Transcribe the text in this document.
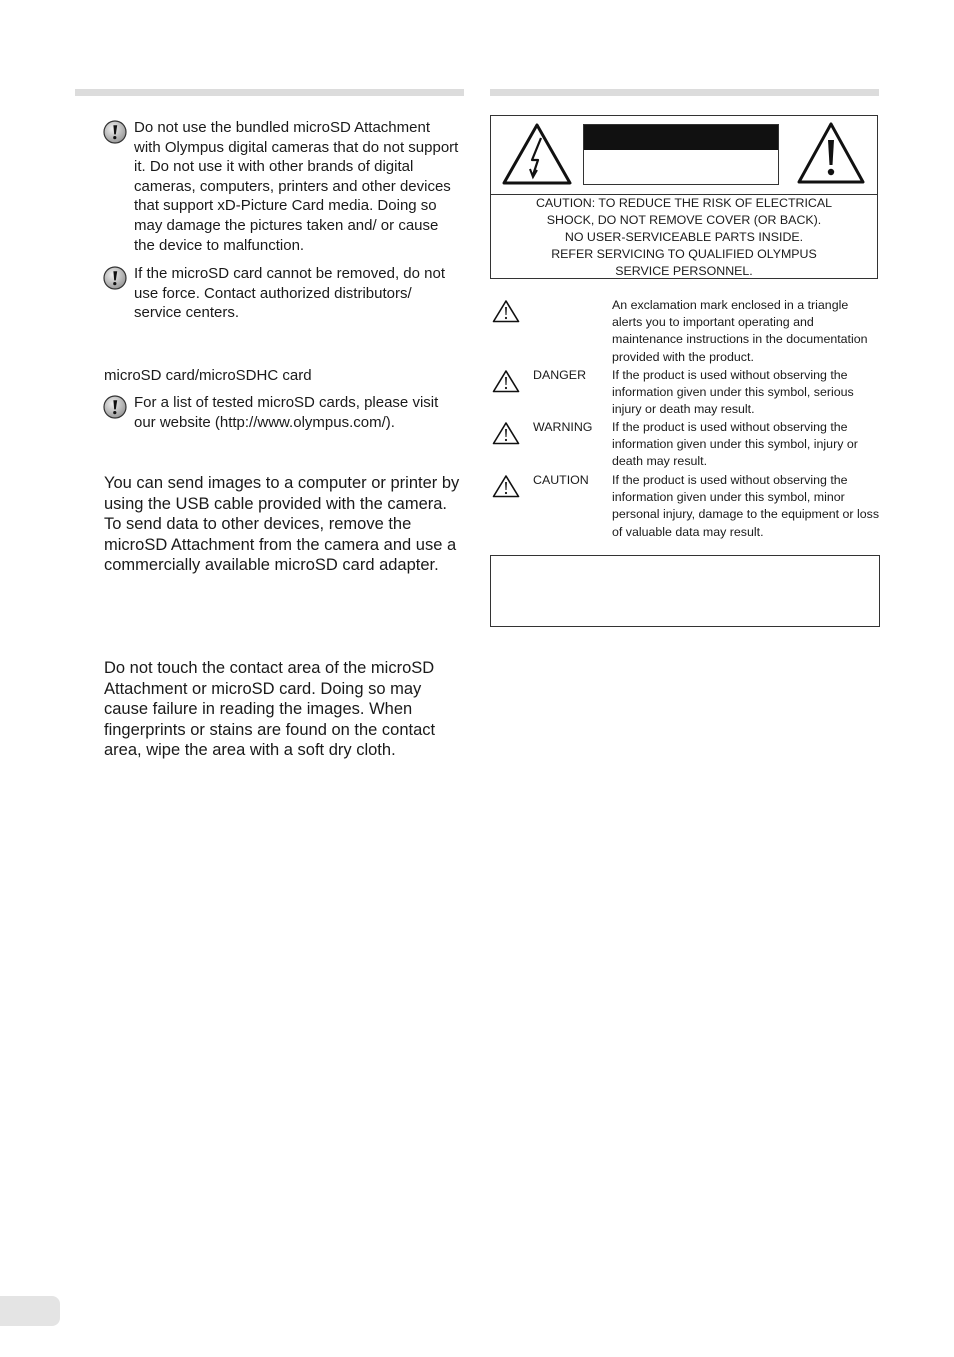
Do not use the bundled microSD Attachment with Olympus digital cameras that do not support it. Do not use it with other brands of digital cameras, computers, printers and other devices that support xD-Picture Card media. Doing so may damage the pictures taken and/ or cause the device to malfunction.
If the microSD card cannot be removed, do not use force. Contact authorized distributors/ service centers.
microSD card/microSDHC card
For a list of tested microSD cards, please visit our website (http://www.olympus.com/).

You can send images to a computer or printer by using the USB cable provided with the camera.

To send data to other devices, remove the microSD Attachment from the camera and use a commercially available microSD card adapter.

Do not touch the contact area of the microSD Attachment or microSD card. Doing so may cause failure in reading the images. When fingerprints or stains are found on the contact area, wipe the area with a soft dry cloth.

CAUTION: TO REDUCE THE RISK OF ELECTRICAL
SHOCK, DO NOT REMOVE COVER (OR BACK).
NO USER-SERVICEABLE PARTS INSIDE.
REFER SERVICING TO QUALIFIED OLYMPUS
SERVICE PERSONNEL.
An exclamation mark enclosed in a triangle alerts you to important operating and maintenance instructions in the documentation provided with the product.
DANGER If the product is used without observing the information given under this symbol, serious injury or death may result.
WARNING If the product is used without observing the information given under this symbol, injury or death may result.
CAUTION If the product is used without observing the information given under this symbol, minor personal injury, damage to the equipment or loss of valuable data may result.
